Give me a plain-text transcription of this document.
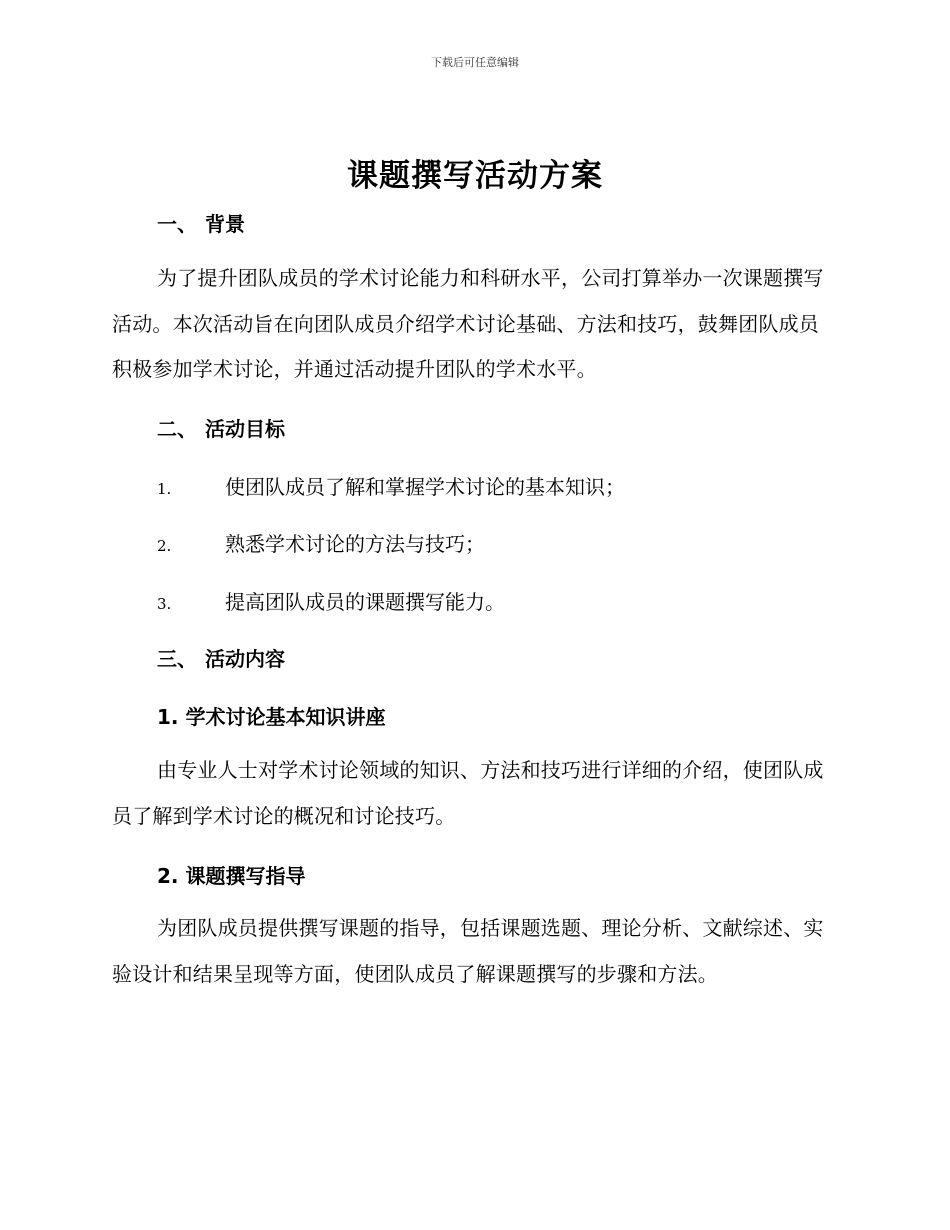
下载后可任意编辑
课题撰写活动方案
一、 背景
为了提升团队成员的学术讨论能力和科研水平，公司打算举办一次课题撰写活动。本次活动旨在向团队成员介绍学术讨论基础、方法和技巧，鼓舞团队成员积极参加学术讨论，并通过活动提升团队的学术水平。
二、 活动目标
1.	使团队成员了解和掌握学术讨论的基本知识；
2.	熟悉学术讨论的方法与技巧；
3.	提高团队成员的课题撰写能力。
三、 活动内容
1. 学术讨论基本知识讲座
由专业人士对学术讨论领域的知识、方法和技巧进行详细的介绍，使团队成员了解到学术讨论的概况和讨论技巧。
2. 课题撰写指导
为团队成员提供撰写课题的指导，包括课题选题、理论分析、文献综述、实验设计和结果呈现等方面，使团队成员了解课题撰写的步骤和方法。
